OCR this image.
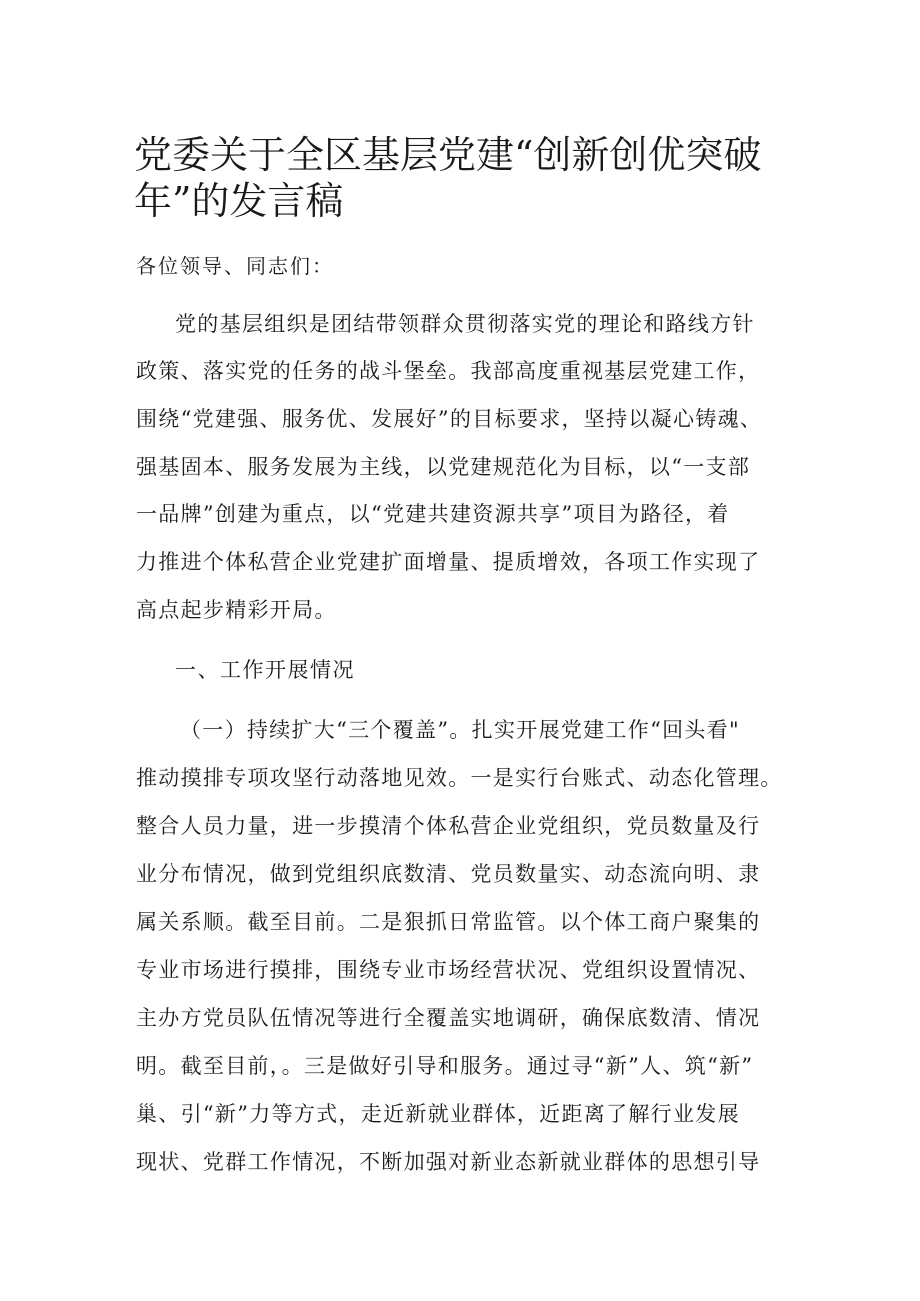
党委关于全区基层党建“创新创优突破年”的发言稿
各位领导、同志们：
党的基层组织是团结带领群众贯彻落实党的理论和路线方针
政策、落实党的任务的战斗堡垒。我部高度重视基层党建工作，
围绕“党建强、服务优、发展好”的目标要求，坚持以凝心铸魂、
强基固本、服务发展为主线，以党建规范化为目标，以“一支部
一品牌”创建为重点，以“党建共建资源共享”项目为路径，着
力推进个体私营企业党建扩面增量、提质增效，各项工作实现了
高点起步精彩开局。
一、工作开展情况
（一）持续扩大“三个覆盖”。扎实开展党建工作“回头看"
推动摸排专项攻坚行动落地见效。一是实行台账式、动态化管理。
整合人员力量，进一步摸清个体私营企业党组织，党员数量及行
业分布情况，做到党组织底数清、党员数量实、动态流向明、隶
属关系顺。截至目前。二是狠抓日常监管。以个体工商户聚集的
专业市场进行摸排，围绕专业市场经营状况、党组织设置情况、
主办方党员队伍情况等进行全覆盖实地调研，确保底数清、情况
明。截至目前，。三是做好引导和服务。通过寻“新”人、筑“新”
巢、引“新”力等方式，走近新就业群体，近距离了解行业发展
现状、党群工作情况，不断加强对新业态新就业群体的思想引导
